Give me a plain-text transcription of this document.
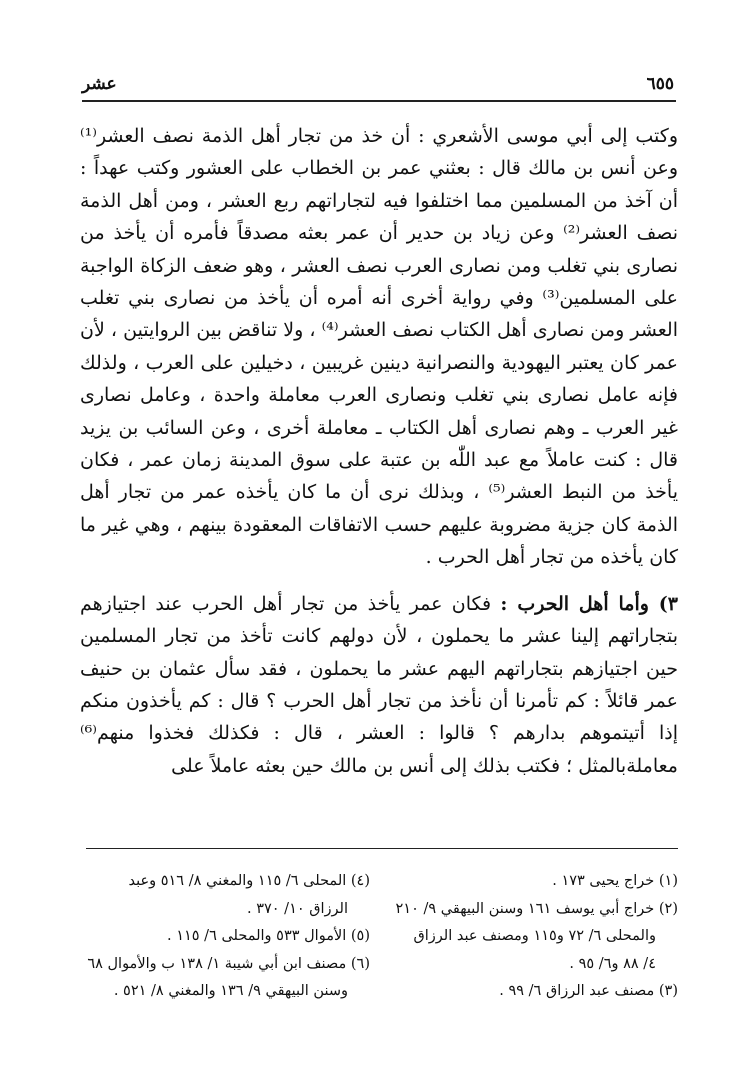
٦٥٥
عشر

وكتب إلى أبي موسى الأشعري : أن خذ من تجار أهل الذمة نصف العشر⁽¹⁾ وعن أنس بن مالك قال : بعثني عمر بن الخطاب على العشور وكتب عهداً : أن آخذ من المسلمين مما اختلفوا فيه لتجاراتهم ربع العشر ، ومن أهل الذمة نصف العشر⁽²⁾ وعن زياد بن حدير أن عمر بعثه مصدقاً فأمره أن يأخذ من نصارى بني تغلب ومن نصارى العرب نصف العشر ، وهو ضعف الزكاة الواجبة على المسلمين⁽³⁾ وفي رواية أخرى أنه أمره أن يأخذ من نصارى بني تغلب العشر ومن نصارى أهل الكتاب نصف العشر⁽⁴⁾ ، ولا تناقض بين الروايتين ، لأن عمر كان يعتبر اليهودية والنصرانية دينين غريبين ، دخيلين على العرب ، ولذلك فإنه عامل نصارى بني تغلب ونصارى العرب معاملة واحدة ، وعامل نصارى غير العرب ـ وهم نصارى أهل الكتاب ـ معاملة أخرى ، وعن السائب بن يزيد قال : كنت عاملاً مع عبد اللّٰه بن عتبة على سوق المدينة زمان عمر ، فكان يأخذ من النبط العشر⁽⁵⁾ ، وبذلك نرى أن ما كان يأخذه عمر من تجار أهل الذمة كان جزية مضروبة عليهم حسب الاتفاقات المعقودة بينهم ، وهي غير ما كان يأخذه من تجار أهل الحرب .

٣) وأما أهل الحرب : فكان عمر يأخذ من تجار أهل الحرب عند اجتيازهم بتجاراتهم إلينا عشر ما يحملون ، لأن دولهم كانت تأخذ من تجار المسلمين حين اجتيازهم بتجاراتهم اليهم عشر ما يحملون ، فقد سأل عثمان بن حنيف عمر قائلاً : كم تأمرنا أن نأخذ من تجار أهل الحرب ؟ قال : كم يأخذون منكم إذا أتيتموهم بدارهم ؟ قالوا : العشر ، قال : فكذلك فخذوا منهم⁽⁶⁾ معاملةبالمثل ؛ فكتب بذلك إلى أنس بن مالك حين بعثه عاملاً على

(١) خراج يحيى ١٧٣ .
(٢) خراج أبي يوسف ١٦١ وسنن البيهقي ٩/ ٢١٠
والمحلى ٦/ ٧٢ و١١٥ ومصنف عبد الرزاق
٤/ ٨٨ و٦/ ٩٥ .
(٣) مصنف عبد الرزاق ٦/ ٩٩ .
(٤) المحلى ٦/ ١١٥ والمغني ٨/ ٥١٦ وعبد
الرزاق ١٠/ ٣٧٠ .
(٥) الأموال ٥٣٣ والمحلى ٦/ ١١٥ .
(٦) مصنف ابن أبي شيبة ١/ ١٣٨ ب والأموال ٦٨
وسنن البيهقي ٩/ ١٣٦ والمغني ٨/ ٥٢١ .
